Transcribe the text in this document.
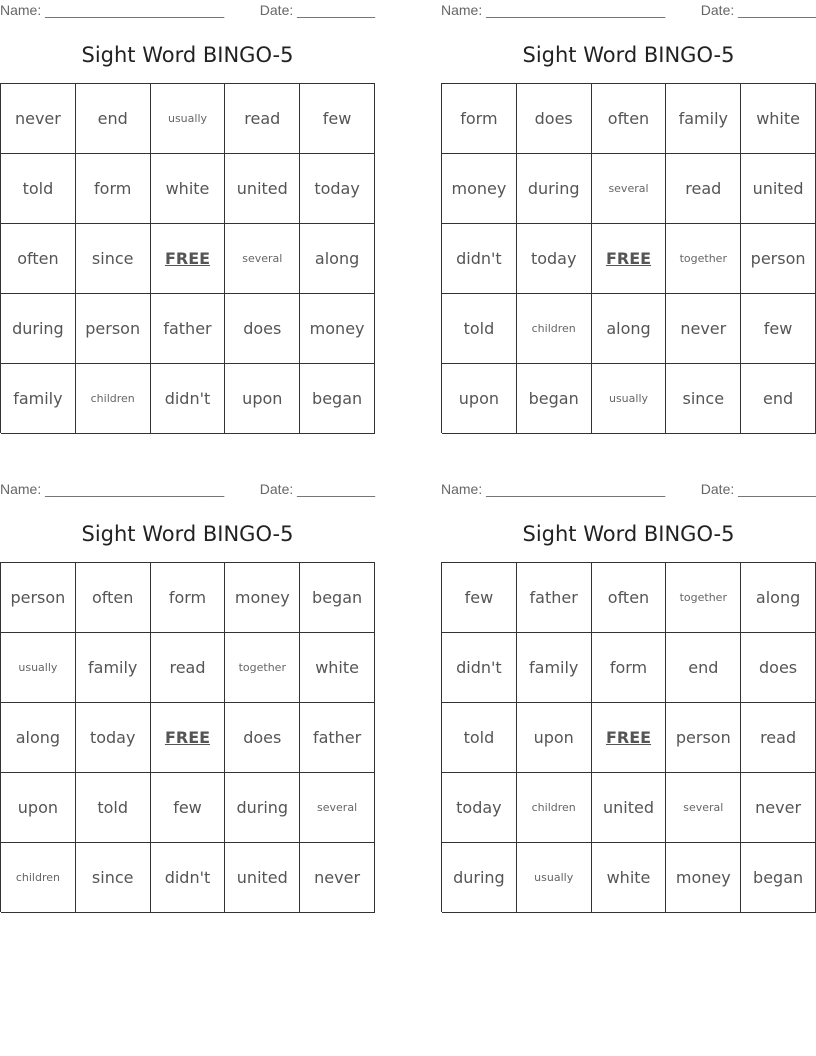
Name: _______________________	Date: __________
Sight Word BINGO-5
never	end	usually	read	few
told	form	white	united	today
often	since	FREE	several	along
during	person	father	does	money
family	children	didn't	upon	began
Name: _______________________	Date: __________
Sight Word BINGO-5
form	does	often	family	white
money	during	several	read	united
didn't	today	FREE	together	person
told	children	along	never	few
upon	began	usually	since	end
Name: _______________________	Date: __________
Sight Word BINGO-5
person	often	form	money	began
usually	family	read	together	white
along	today	FREE	does	father
upon	told	few	during	several
children	since	didn't	united	never
Name: _______________________	Date: __________
Sight Word BINGO-5
few	father	often	together	along
didn't	family	form	end	does
told	upon	FREE	person	read
today	children	united	several	never
during	usually	white	money	began
